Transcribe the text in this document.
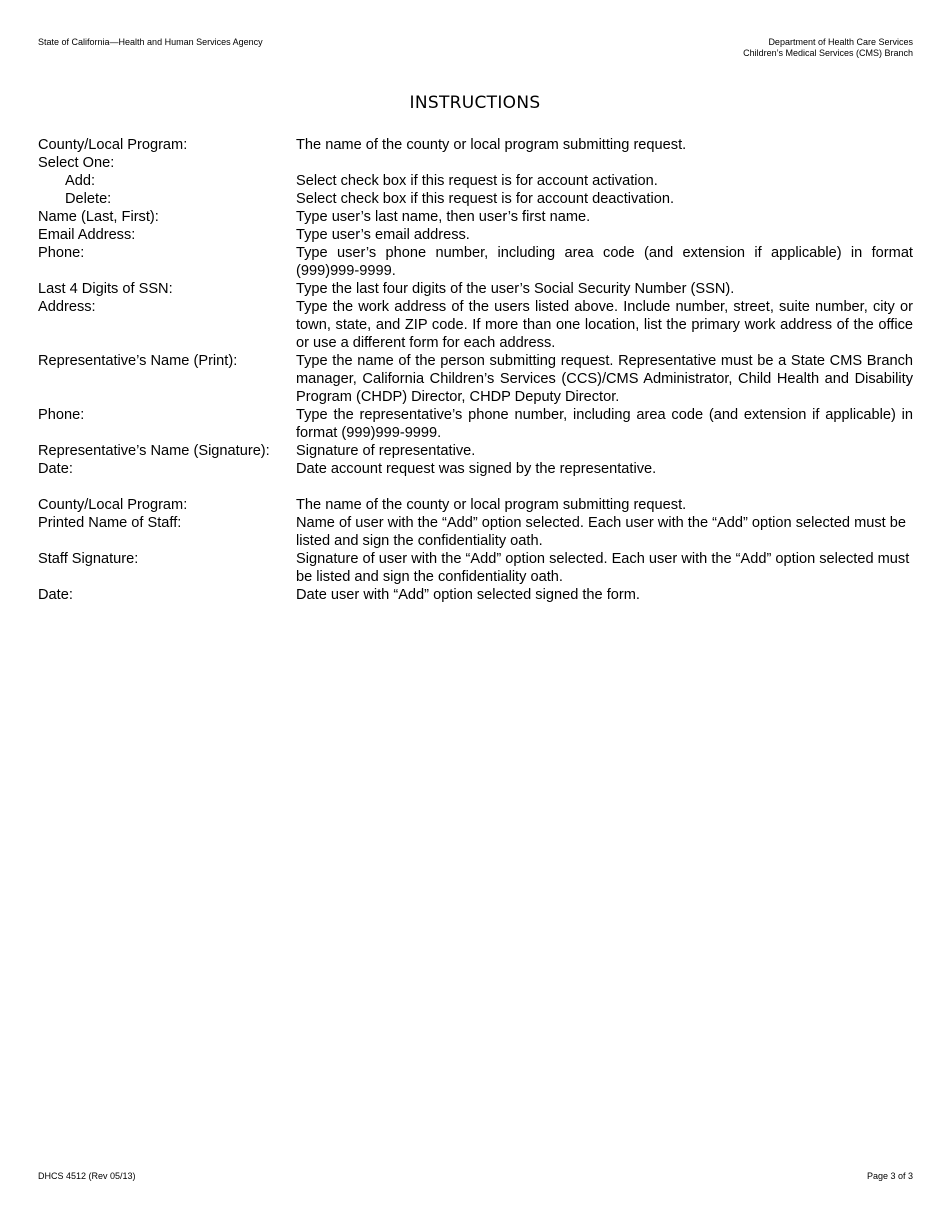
State of California—Health and Human Services Agency	Department of Health Care Services
Children’s Medical Services (CMS) Branch
INSTRUCTIONS
County/Local Program:	The name of the county or local program submitting request.
Select One:
Add:	Select check box if this request is for account activation.
Delete:	Select check box if this request is for account deactivation.
Name (Last, First):	Type user’s last name, then user’s first name.
Email Address:	Type user’s email address.
Phone:	Type user’s phone number, including area code (and extension if applicable) in format (999)999-9999.
Last 4 Digits of SSN:	Type the last four digits of the user’s Social Security Number (SSN).
Address:	Type the work address of the users listed above. Include number, street, suite number, city or town, state, and ZIP code. If more than one location, list the primary work address of the office or use a different form for each address.
Representative’s Name (Print):	Type the name of the person submitting request. Representative must be a State CMS Branch manager, California Children’s Services (CCS)/CMS Administrator, Child Health and Disability Program (CHDP) Director, CHDP Deputy Director.
Phone:	Type the representative’s phone number, including area code (and extension if applicable) in format (999)999-9999.
Representative’s Name (Signature):	Signature of representative.
Date:	Date account request was signed by the representative.
County/Local Program:	The name of the county or local program submitting request.
Printed Name of Staff:	Name of user with the “Add” option selected. Each user with the “Add” option selected must be listed and sign the confidentiality oath.
Staff Signature:	Signature of user with the “Add” option selected. Each user with the “Add” option selected must be listed and sign the confidentiality oath.
Date:	Date user with “Add” option selected signed the form.
DHCS 4512 (Rev 05/13)	Page 3 of 3
